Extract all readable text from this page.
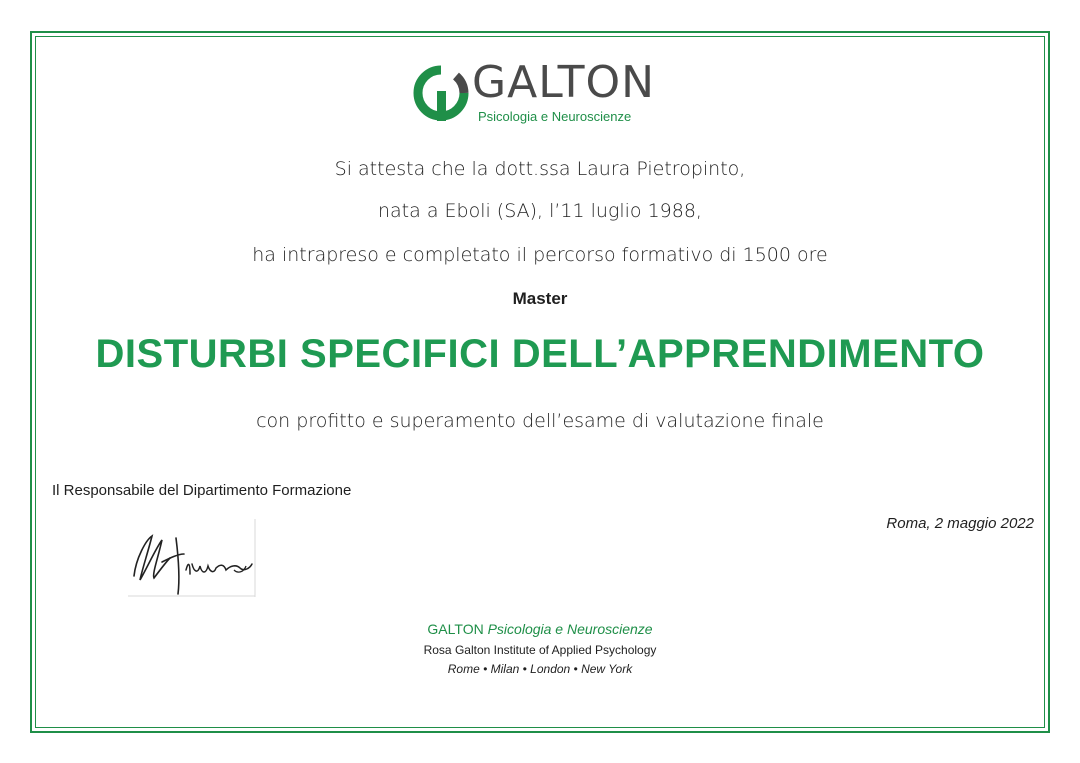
GALTON
Psicologia e Neuroscienze
Si attesta che la dott.ssa Laura Pietropinto,
nata a Eboli (SA), l’11 luglio 1988,
ha intrapreso e completato il percorso formativo di 1500 ore
Master
DISTURBI SPECIFICI DELL’APPRENDIMENTO
con profitto e superamento dell’esame di valutazione finale
Il Responsabile del Dipartimento Formazione
Roma, 2 maggio 2022
GALTON Psicologia e Neuroscienze
Rosa Galton Institute of Applied Psychology
Rome • Milan • London • New York
